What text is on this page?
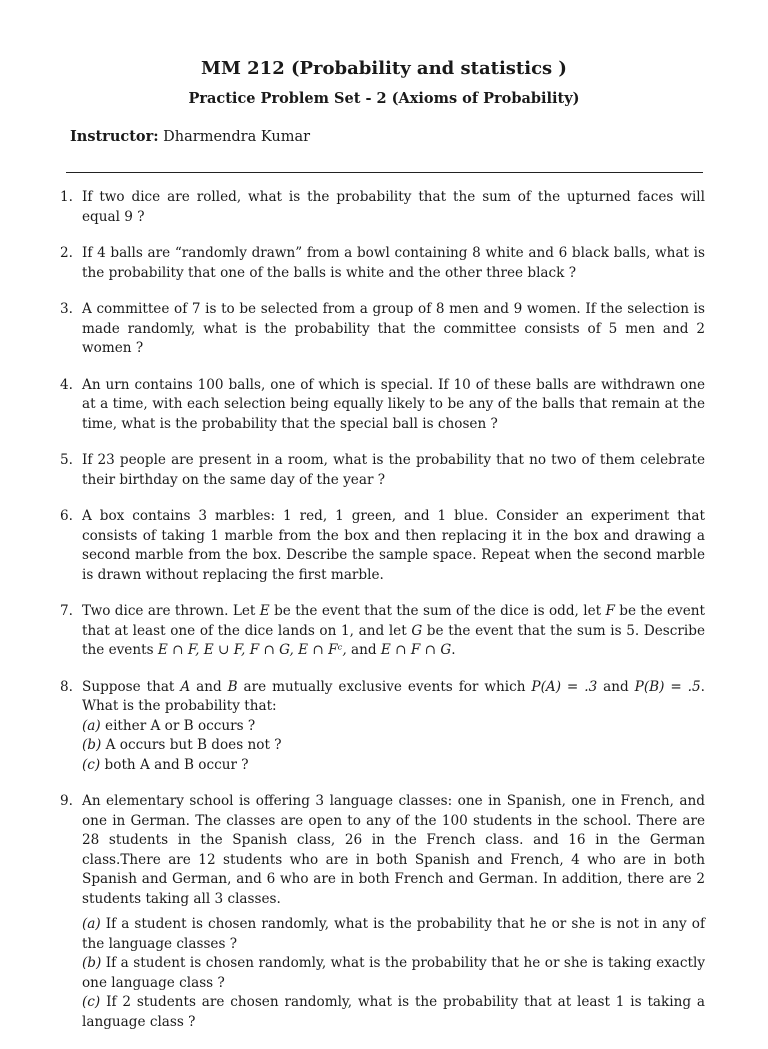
MM 212 (Probability and statistics )
Practice Problem Set - 2 (Axioms of Probability)
Instructor: Dharmendra Kumar
1. If two dice are rolled, what is the probability that the sum of the upturned faces will equal 9 ?
2. If 4 balls are “randomly drawn” from a bowl containing 8 white and 6 black balls, what is the probability that one of the balls is white and the other three black ?
3. A committee of 7 is to be selected from a group of 8 men and 9 women. If the selection is made randomly, what is the probability that the committee consists of 5 men and 2 women ?
4. An urn contains 100 balls, one of which is special. If 10 of these balls are withdrawn one at a time, with each selection being equally likely to be any of the balls that remain at the time, what is the probability that the special ball is chosen ?
5. If 23 people are present in a room, what is the probability that no two of them celebrate their birthday on the same day of the year ?
6. A box contains 3 marbles: 1 red, 1 green, and 1 blue. Consider an experiment that consists of taking 1 marble from the box and then replacing it in the box and drawing a second marble from the box. Describe the sample space. Repeat when the second marble is drawn without replacing the first marble.
7. Two dice are thrown. Let E be the event that the sum of the dice is odd, let F be the event that at least one of the dice lands on 1, and let G be the event that the sum is 5. Describe the events E ∩ F, E ∪ F, F ∩ G, E ∩ Fᶜ, and E ∩ F ∩ G.
8. Suppose that A and B are mutually exclusive events for which P(A) = .3 and P(B) = .5. What is the probability that:
(a) either A or B occurs ?
(b) A occurs but B does not ?
(c) both A and B occur ?
9. An elementary school is offering 3 language classes: one in Spanish, one in French, and one in German. The classes are open to any of the 100 students in the school. There are 28 students in the Spanish class, 26 in the French class. and 16 in the German class.There are 12 students who are in both Spanish and French, 4 who are in both Spanish and German, and 6 who are in both French and German. In addition, there are 2 students taking all 3 classes.
(a) If a student is chosen randomly, what is the probability that he or she is not in any of the language classes ?
(b) If a student is chosen randomly, what is the probability that he or she is taking exactly one language class ?
(c) If 2 students are chosen randomly, what is the probability that at least 1 is taking a language class ?
